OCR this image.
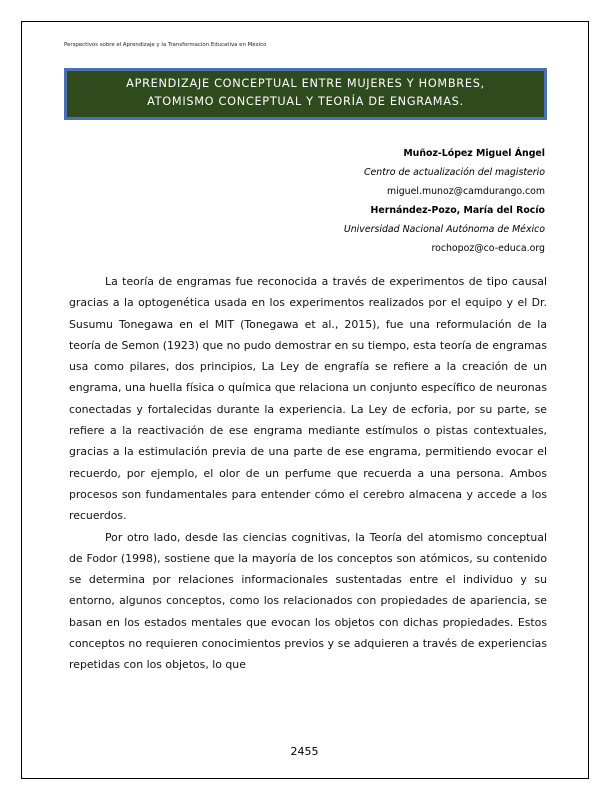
Perspectivos sobre el Aprendizaje y la Transformación Educativa en México
APRENDIZAJE CONCEPTUAL ENTRE MUJERES Y HOMBRES,
ATOMISMO CONCEPTUAL Y TEORÍA DE ENGRAMAS.
Muñoz-López Miguel Ángel
Centro de actualización del magisterio
miguel.munoz@camdurango.com
Hernández-Pozo, María del Rocío
Universidad Nacional Autónoma de México
rochopoz@co-educa.org

La teoría de engramas fue reconocida a través de experimentos de tipo causal gracias a la optogenética usada en los experimentos realizados por el equipo y el Dr. Susumu Tonegawa en el MIT (Tonegawa et al., 2015), fue una reformulación de la teoría de Semon (1923) que no pudo demostrar en su tiempo, esta teoría de engramas usa como pilares, dos principios, La Ley de engrafía se refiere a la creación de un engrama, una huella física o química que relaciona un conjunto específico de neuronas conectadas y fortalecidas durante la experiencia. La Ley de ecforia, por su parte, se refiere a la reactivación de ese engrama mediante estímulos o pistas contextuales, gracias a la estimulación previa de una parte de ese engrama, permitiendo evocar el recuerdo, por ejemplo, el olor de un perfume que recuerda a una persona. Ambos procesos son fundamentales para entender cómo el cerebro almacena y accede a los recuerdos.

Por otro lado, desde las ciencias cognitivas, la Teoría del atomismo conceptual de Fodor (1998), sostiene que la mayoría de los conceptos son atómicos, su contenido se determina por relaciones informacionales sustentadas entre el individuo y su entorno, algunos conceptos, como los relacionados con propiedades de apariencia, se basan en los estados mentales que evocan los objetos con dichas propiedades. Estos conceptos no requieren conocimientos previos y se adquieren a través de experiencias repetidas con los objetos, lo que

2455
